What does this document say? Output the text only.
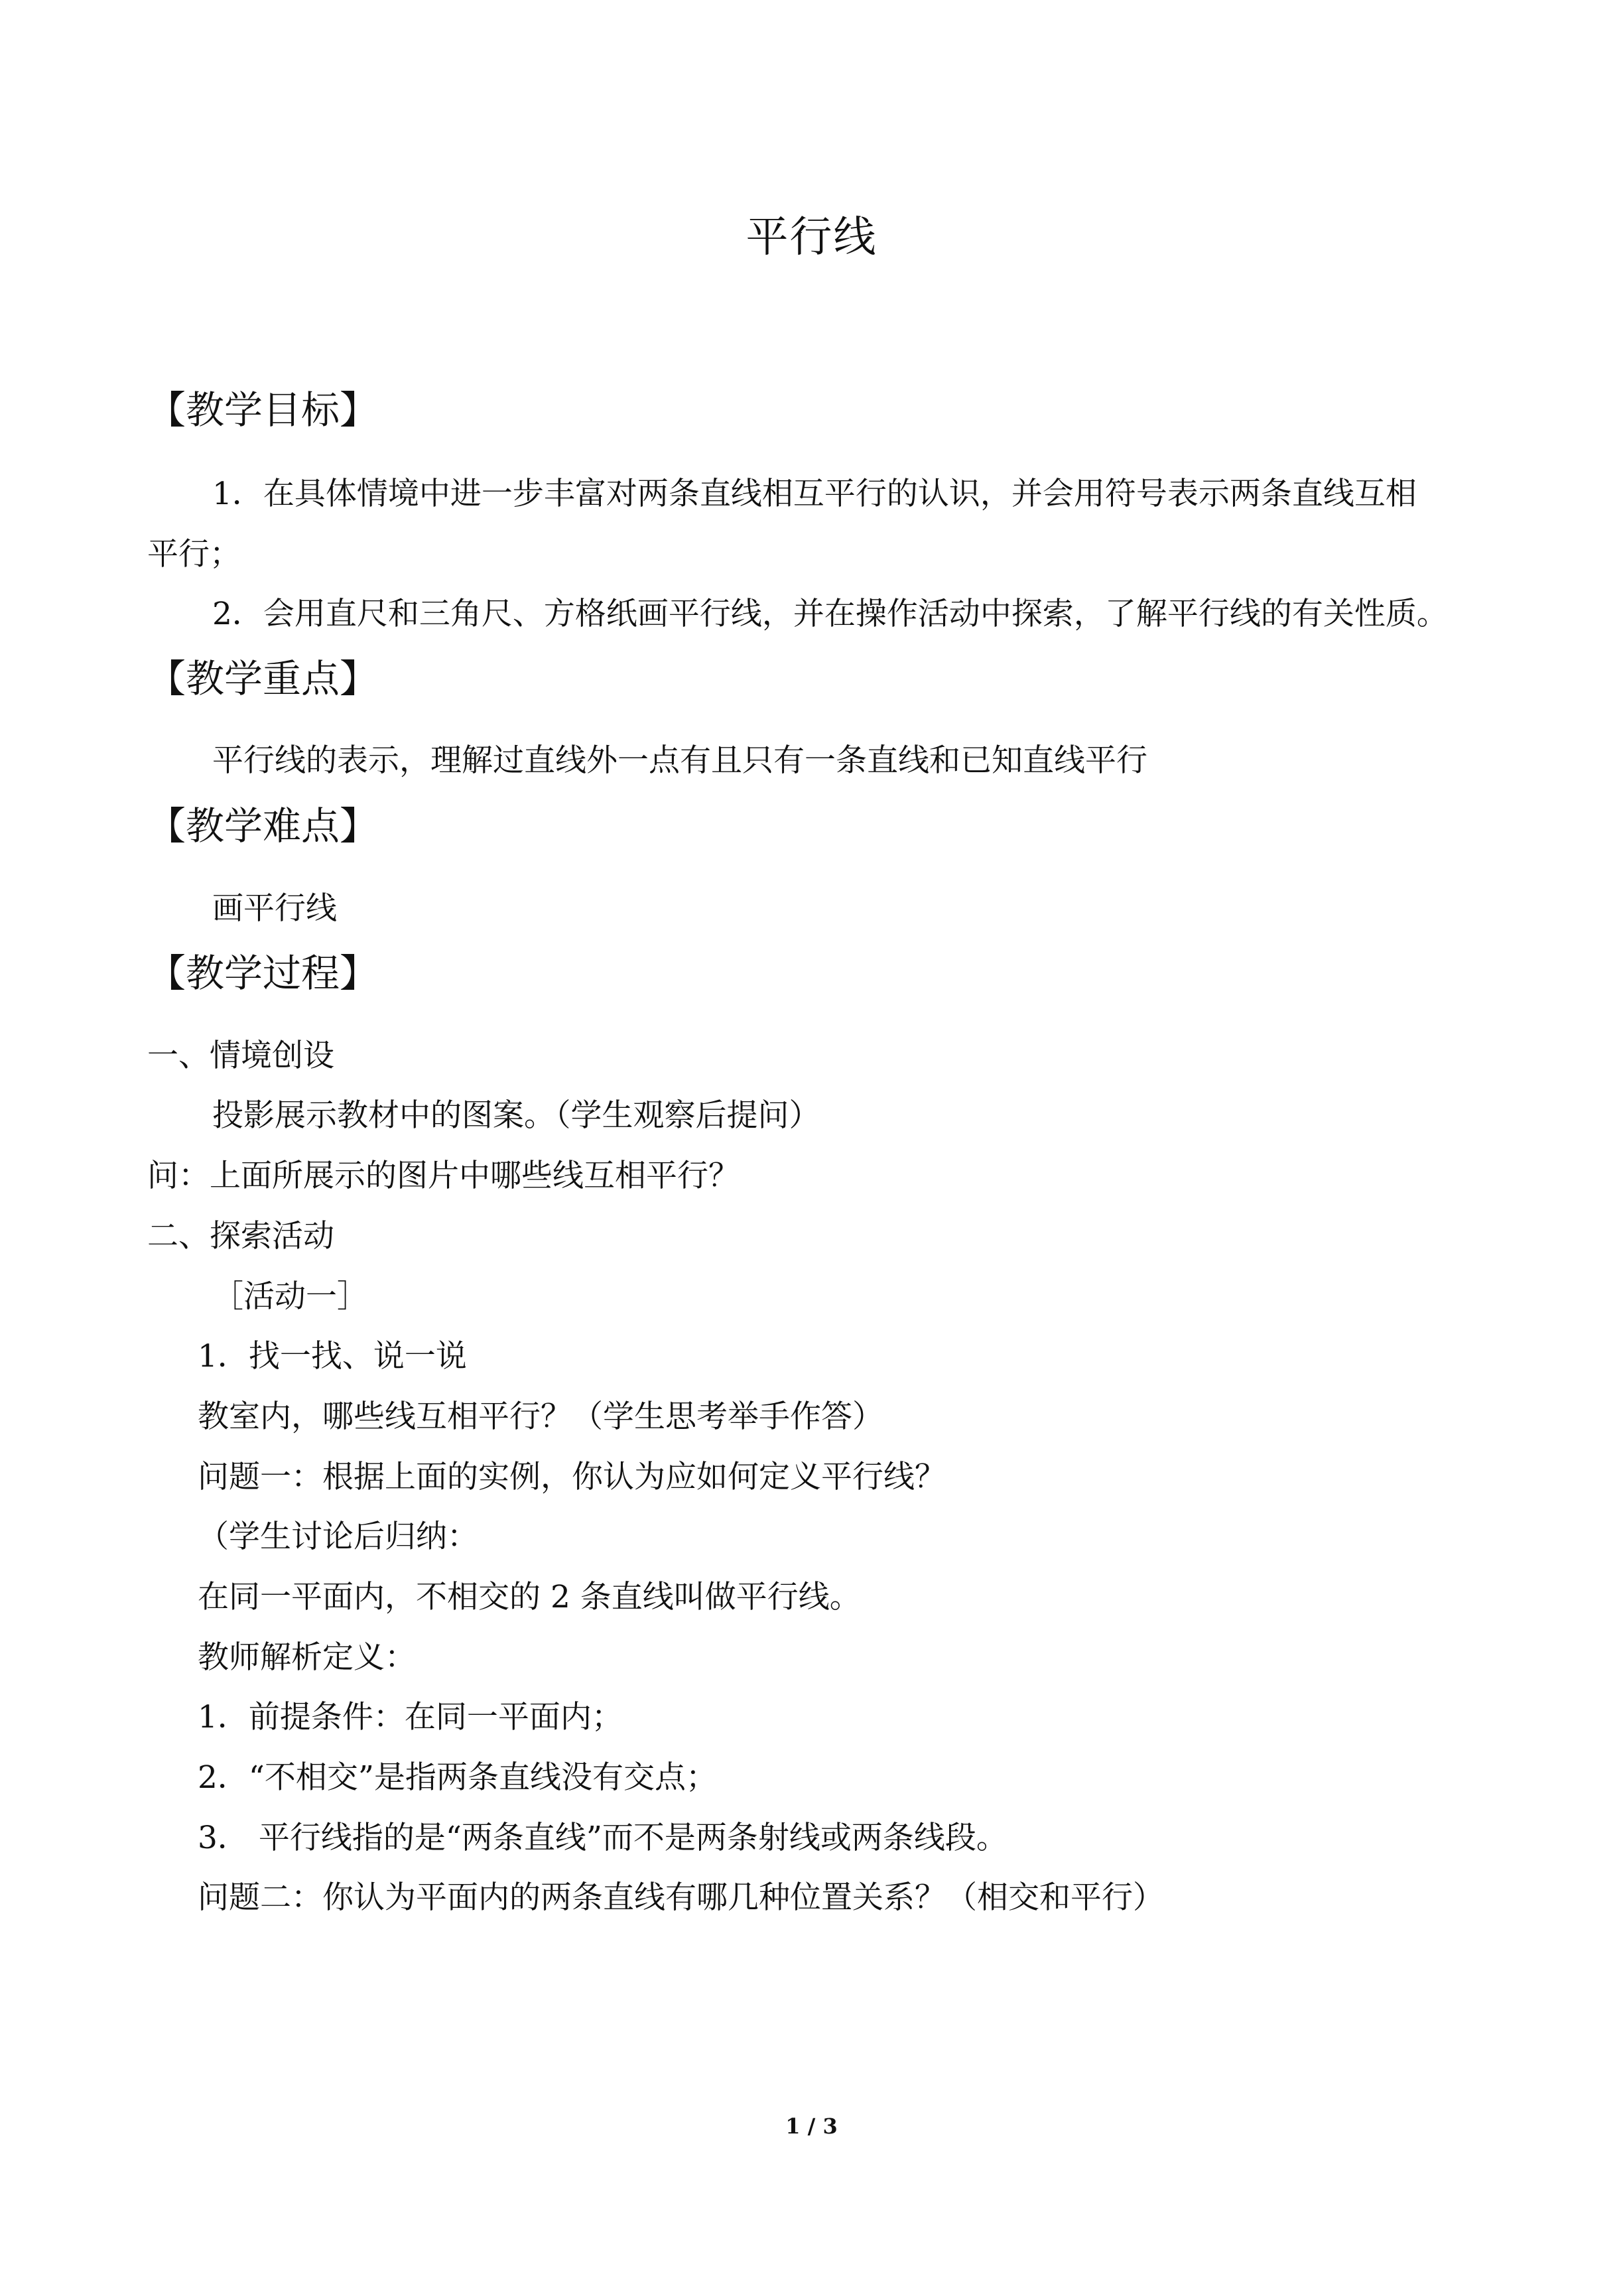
平行线
【教学目标】
1．在具体情境中进一步丰富对两条直线相互平行的认识，并会用符号表示两条直线互相
平行；
2．会用直尺和三角尺、方格纸画平行线，并在操作活动中探索，了解平行线的有关性质。
【教学重点】
平行线的表示，理解过直线外一点有且只有一条直线和已知直线平行
【教学难点】
画平行线
【教学过程】
一、情境创设
投影展示教材中的图案。（学生观察后提问）
问：上面所展示的图片中哪些线互相平行？
二、探索活动
［活动一］
1．找一找、说一说
教室内，哪些线互相平行？（学生思考举手作答）
问题一：根据上面的实例，你认为应如何定义平行线？
（学生讨论后归纳：
在同一平面内，不相交的 2 条直线叫做平行线。
教师解析定义：
1．前提条件：在同一平面内；
2．“不相交”是指两条直线没有交点；
3． 平行线指的是“两条直线”而不是两条射线或两条线段。
问题二：你认为平面内的两条直线有哪几种位置关系？（相交和平行）
1 / 3
